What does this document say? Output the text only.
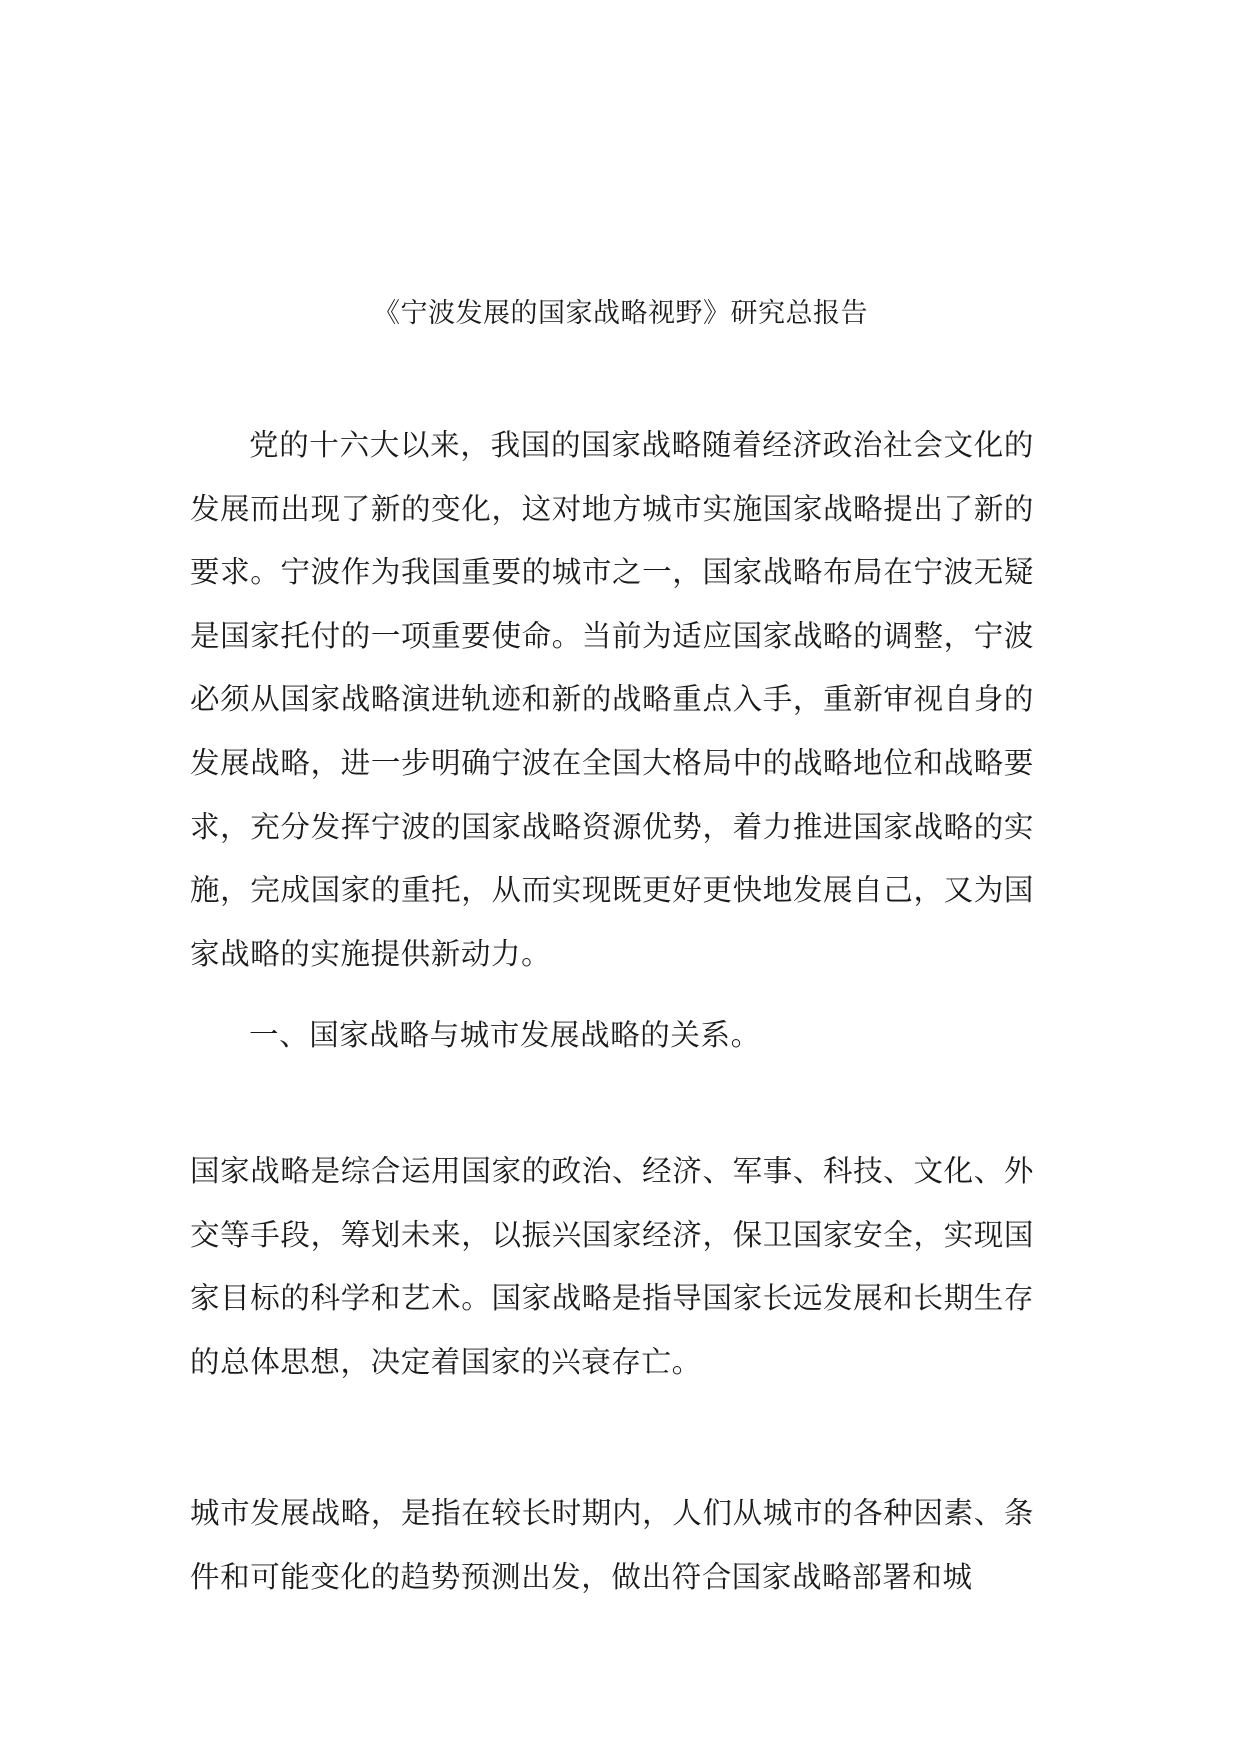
《宁波发展的国家战略视野》研究总报告

党的十六大以来，我国的国家战略随着经济政治社会文化的发展而出现了新的变化，这对地方城市实施国家战略提出了新的要求。宁波作为我国重要的城市之一，国家战略布局在宁波无疑是国家托付的一项重要使命。当前为适应国家战略的调整，宁波必须从国家战略演进轨迹和新的战略重点入手，重新审视自身的发展战略，进一步明确宁波在全国大格局中的战略地位和战略要求，充分发挥宁波的国家战略资源优势，着力推进国家战略的实施，完成国家的重托，从而实现既更好更快地发展自己，又为国家战略的实施提供新动力。

一、国家战略与城市发展战略的关系。

国家战略是综合运用国家的政治、经济、军事、科技、文化、外交等手段，筹划未来，以振兴国家经济，保卫国家安全，实现国家目标的科学和艺术。国家战略是指导国家长远发展和长期生存的总体思想，决定着国家的兴衰存亡。

城市发展战略，是指在较长时期内，人们从城市的各种因素、条件和可能变化的趋势预测出发，做出符合国家战略部署和城
